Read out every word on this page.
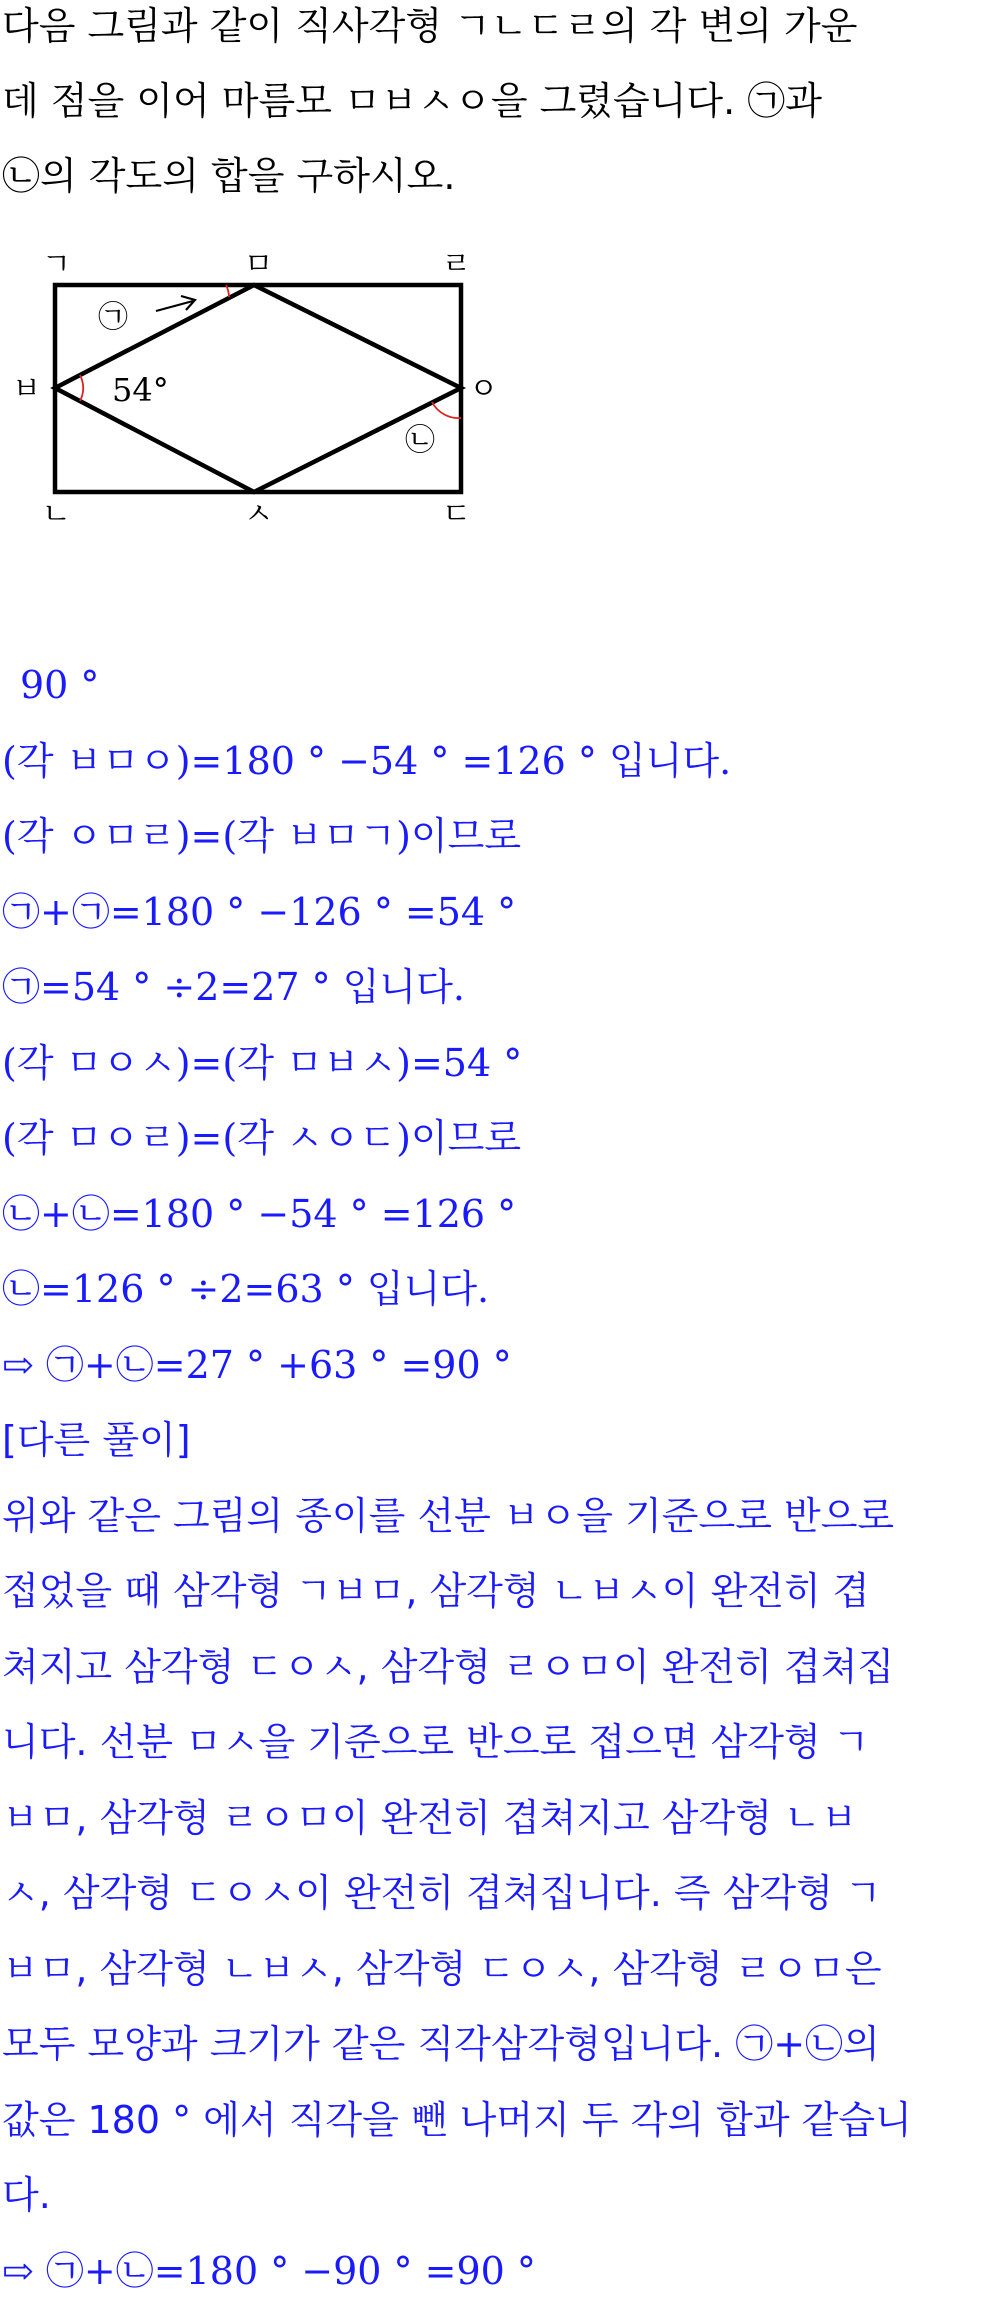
다음 그림과 같이 직사각형 ㄱㄴㄷㄹ의 각 변의 가운
데 점을 이어 마름모 ㅁㅂㅅㅇ을 그렸습니다. ㉠과
㉡의 각도의 합을 구하시오.
ㄱ	ㅁ	ㄹ
ㅂ	ㅇ
ㄴ	ㅅ	ㄷ
㉠
㉡
54°
90 °
(각 ㅂㅁㅇ)=180 ° −54 ° =126 ° 입니다.
(각 ㅇㅁㄹ)=(각 ㅂㅁㄱ)이므로
㉠+㉠=180 ° −126 ° =54 °
㉠=54 ° ÷2=27 ° 입니다.
(각 ㅁㅇㅅ)=(각 ㅁㅂㅅ)=54 °
(각 ㅁㅇㄹ)=(각 ㅅㅇㄷ)이므로
㉡+㉡=180 ° −54 ° =126 °
㉡=126 ° ÷2=63 ° 입니다.
⇨ ㉠+㉡=27 ° +63 ° =90 °
[다른 풀이]
위와 같은 그림의 종이를 선분 ㅂㅇ을 기준으로 반으로
접었을 때 삼각형 ㄱㅂㅁ, 삼각형 ㄴㅂㅅ이 완전히 겹
쳐지고 삼각형 ㄷㅇㅅ, 삼각형 ㄹㅇㅁ이 완전히 겹쳐집
니다. 선분 ㅁㅅ을 기준으로 반으로 접으면 삼각형 ㄱ
ㅂㅁ, 삼각형 ㄹㅇㅁ이 완전히 겹쳐지고 삼각형 ㄴㅂ
ㅅ, 삼각형 ㄷㅇㅅ이 완전히 겹쳐집니다. 즉 삼각형 ㄱ
ㅂㅁ, 삼각형 ㄴㅂㅅ, 삼각형 ㄷㅇㅅ, 삼각형 ㄹㅇㅁ은
모두 모양과 크기가 같은 직각삼각형입니다. ㉠+㉡의
값은 180 ° 에서 직각을 뺀 나머지 두 각의 합과 같습니
다.
⇨ ㉠+㉡=180 ° −90 ° =90 °
